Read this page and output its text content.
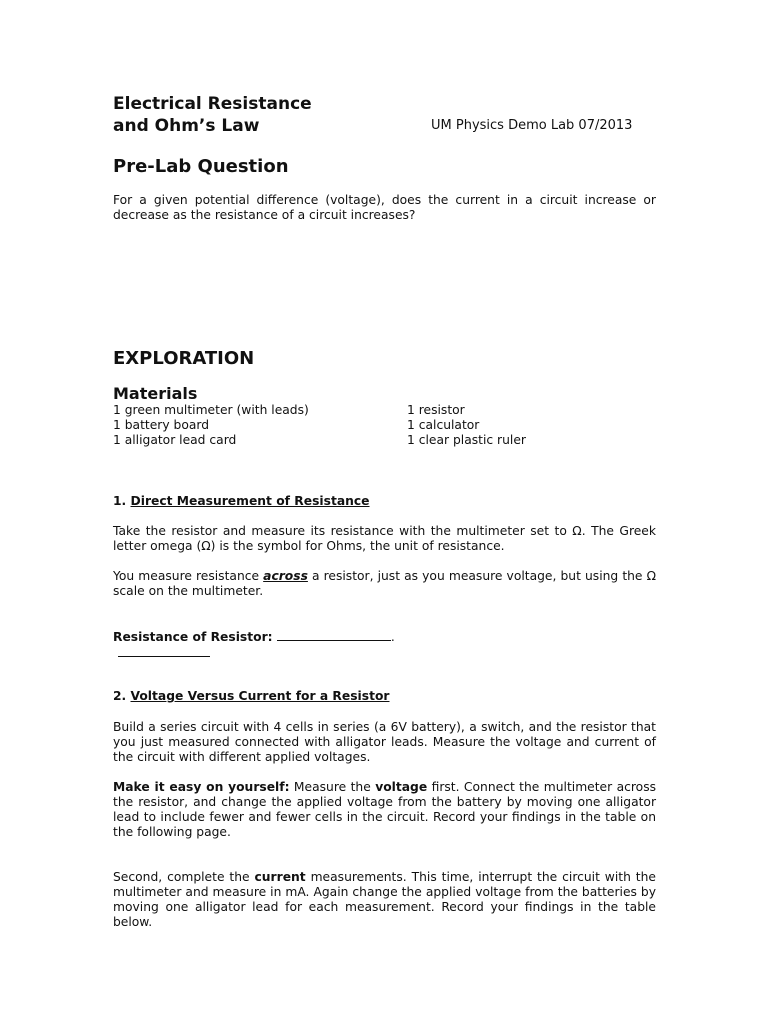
Electrical Resistance
and Ohm’s Law	UM Physics Demo Lab 07/2013
Pre-Lab Question

For a given potential difference (voltage), does the current in a circuit increase or decrease as the resistance of a circuit increases?

EXPLORATION
Materials
1 green multimeter (with leads)
1 battery board
1 alligator lead card
1 resistor
1 calculator
1 clear plastic ruler
1. Direct Measurement of Resistance

Take the resistor and measure its resistance with the multimeter set to Ω. The Greek letter omega (Ω) is the symbol for Ohms, the unit of resistance.

You measure resistance across a resistor, just as you measure voltage, but using the Ω scale on the multimeter.

Resistance of Resistor:	.
2. Voltage Versus Current for a Resistor

Build a series circuit with 4 cells in series (a 6V battery), a switch, and the resistor that you just measured connected with alligator leads. Measure the voltage and current of the circuit with different applied voltages.

Make it easy on yourself: Measure the voltage first. Connect the multimeter across the resistor, and change the applied voltage from the battery by moving one alligator lead to include fewer and fewer cells in the circuit. Record your findings in the table on the following page.

Second, complete the current measurements. This time, interrupt the circuit with the multimeter and measure in mA. Again change the applied voltage from the batteries by moving one alligator lead for each measurement. Record your findings in the table below.
